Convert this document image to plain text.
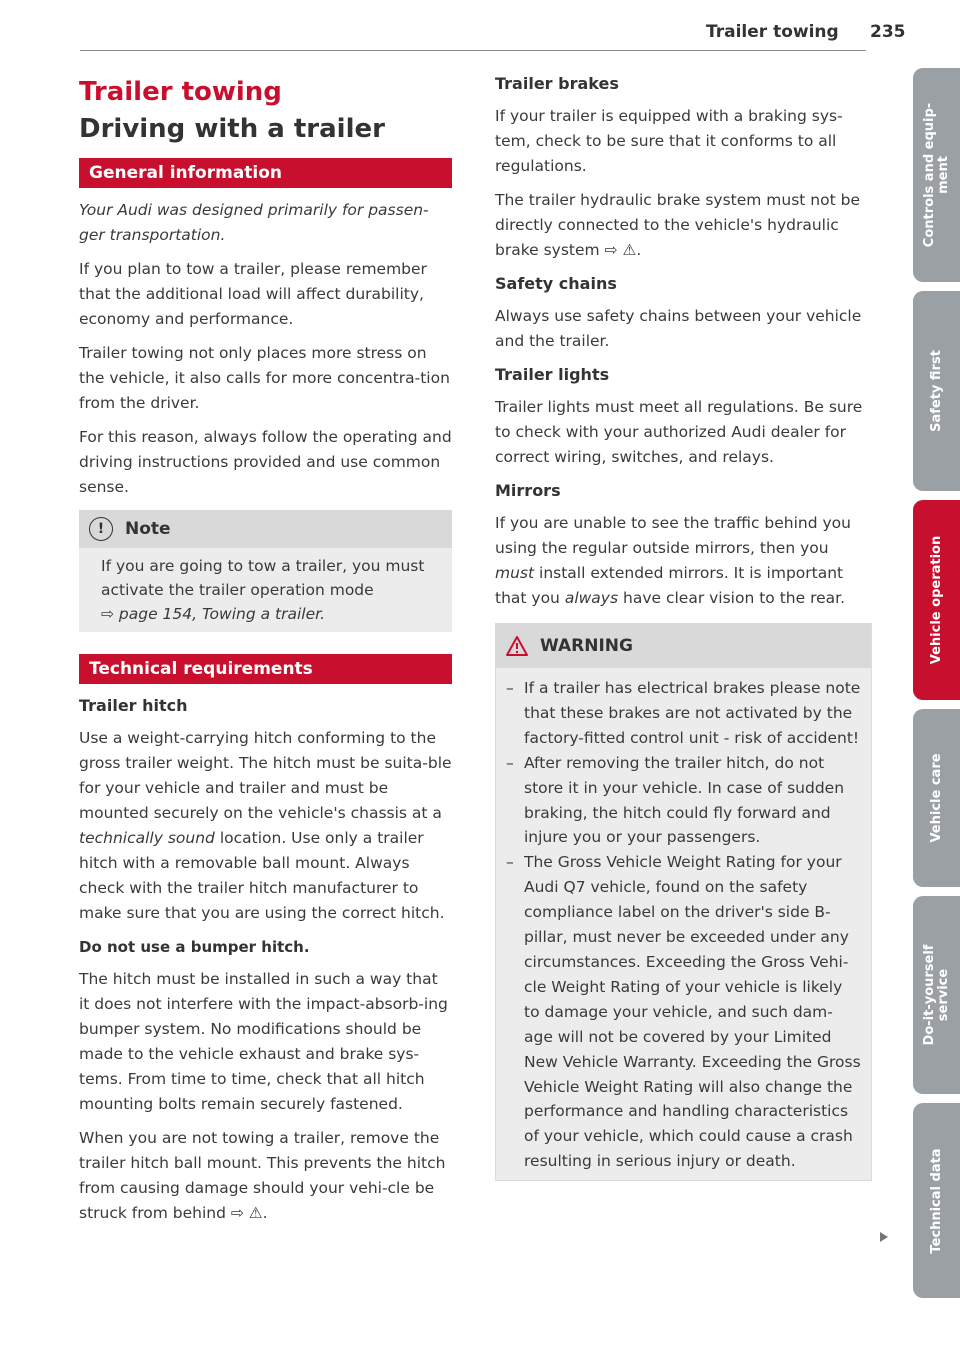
Trailer towing 235
Trailer towing
Driving with a trailer
General information

Your Audi was designed primarily for passen-ger transportation.

If you plan to tow a trailer, please remember that the additional load will affect durability, economy and performance.

Trailer towing not only places more stress on the vehicle, it also calls for more concentra-tion from the driver.

For this reason, always follow the operating and driving instructions provided and use common sense.

!	Note
If you are going to tow a trailer, you must activate the trailer operation mode
⇨ page 154, Towing a trailer.
Technical requirements
Trailer hitch

Use a weight-carrying hitch conforming to the gross trailer weight. The hitch must be suita-ble for your vehicle and trailer and must be mounted securely on the vehicle's chassis at a technically sound location. Use only a trailer hitch with a removable ball mount. Always check with the trailer hitch manufacturer to make sure that you are using the correct hitch.

Do not use a bumper hitch.

The hitch must be installed in such a way that it does not interfere with the impact-absorb-ing bumper system. No modifications should be made to the vehicle exhaust and brake sys-tems. From time to time, check that all hitch mounting bolts remain securely fastened.

When you are not towing a trailer, remove the trailer hitch ball mount. This prevents the hitch from causing damage should your vehi-cle be struck from behind ⇨ ⚠.

Trailer brakes

If your trailer is equipped with a braking sys-tem, check to be sure that it conforms to all regulations.

The trailer hydraulic brake system must not be directly connected to the vehicle's hydraulic brake system ⇨ ⚠.

Safety chains

Always use safety chains between your vehicle and the trailer.

Trailer lights

Trailer lights must meet all regulations. Be sure to check with your authorized Audi dealer for correct wiring, switches, and relays.

Mirrors

If you are unable to see the traffic behind you using the regular outside mirrors, then you must install extended mirrors. It is important that you always have clear vision to the rear.

WARNING

– If a trailer has electrical brakes please note that these brakes are not activated by the factory-fitted control unit - risk of accident!

– After removing the trailer hitch, do not store it in your vehicle. In case of sudden braking, the hitch could fly forward and injure you or your passengers.

– The Gross Vehicle Weight Rating for your Audi Q7 vehicle, found on the safety compliance label on the driver's side B-pillar, must never be exceeded under any circumstances. Exceeding the Gross Vehi-cle Weight Rating of your vehicle is likely to damage your vehicle, and such dam-age will not be covered by your Limited New Vehicle Warranty. Exceeding the Gross Vehicle Weight Rating will also change the performance and handling characteristics of your vehicle, which could cause a crash resulting in serious injury or death.

Controls and equip-
ment
Safety first
Vehicle operation
Vehicle care
Do-it-yourself
service
Technical data
